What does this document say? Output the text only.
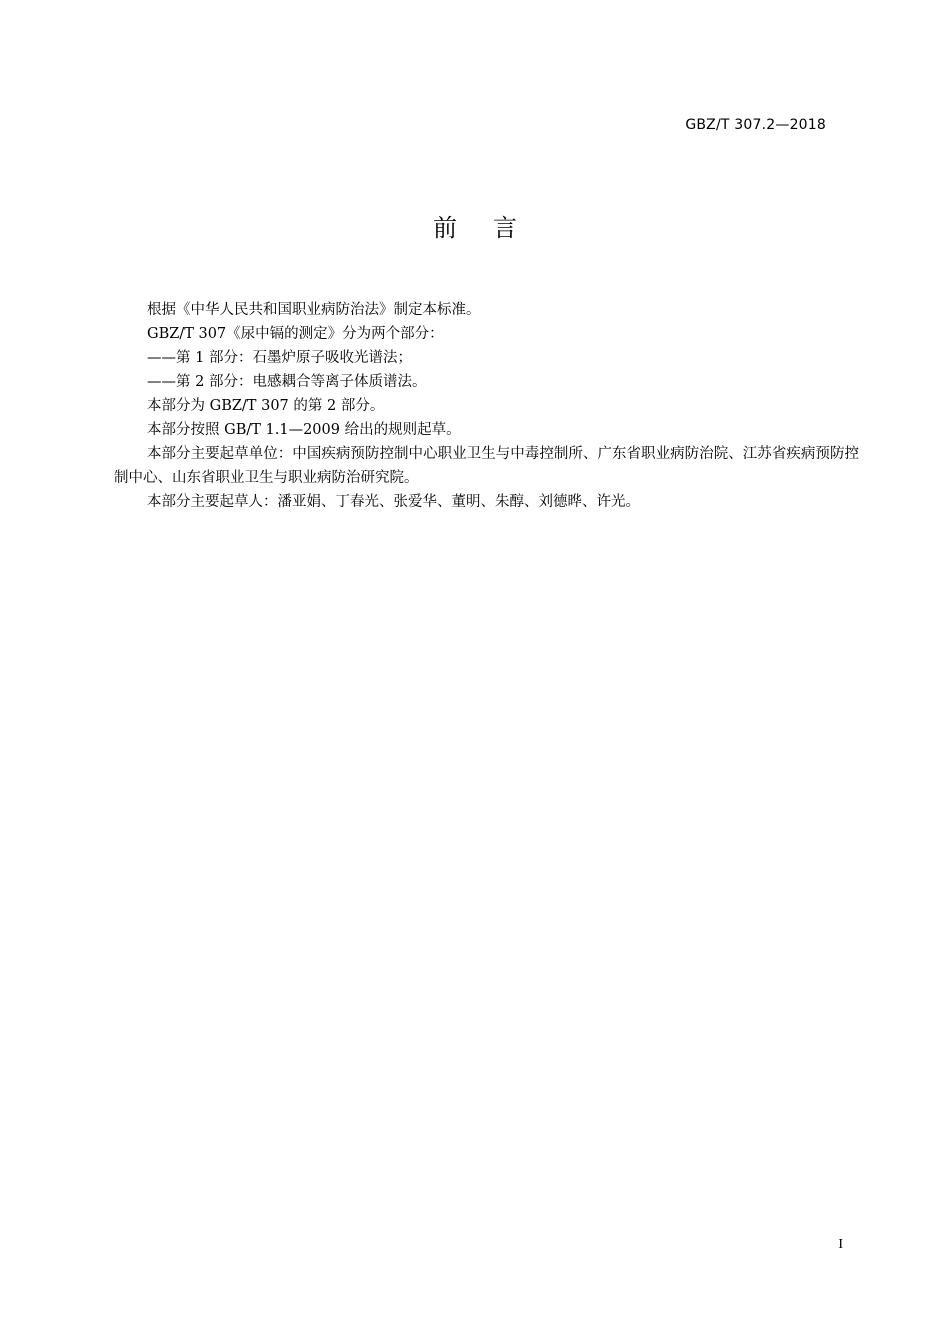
GBZ/T 307.2—2018
前 言

根据《中华人民共和国职业病防治法》制定本标准。

GBZ/T 307《尿中镉的测定》分为两个部分：

——第 1 部分：石墨炉原子吸收光谱法；

——第 2 部分：电感耦合等离子体质谱法。

本部分为 GBZ/T 307 的第 2 部分。

本部分按照 GB/T 1.1—2009 给出的规则起草。

本部分主要起草单位：中国疾病预防控制中心职业卫生与中毒控制所、广东省职业病防治院、江苏省疾病预防控制中心、山东省职业卫生与职业病防治研究院。

本部分主要起草人：潘亚娟、丁春光、张爱华、董明、朱醇、刘德晔、许光。

I
